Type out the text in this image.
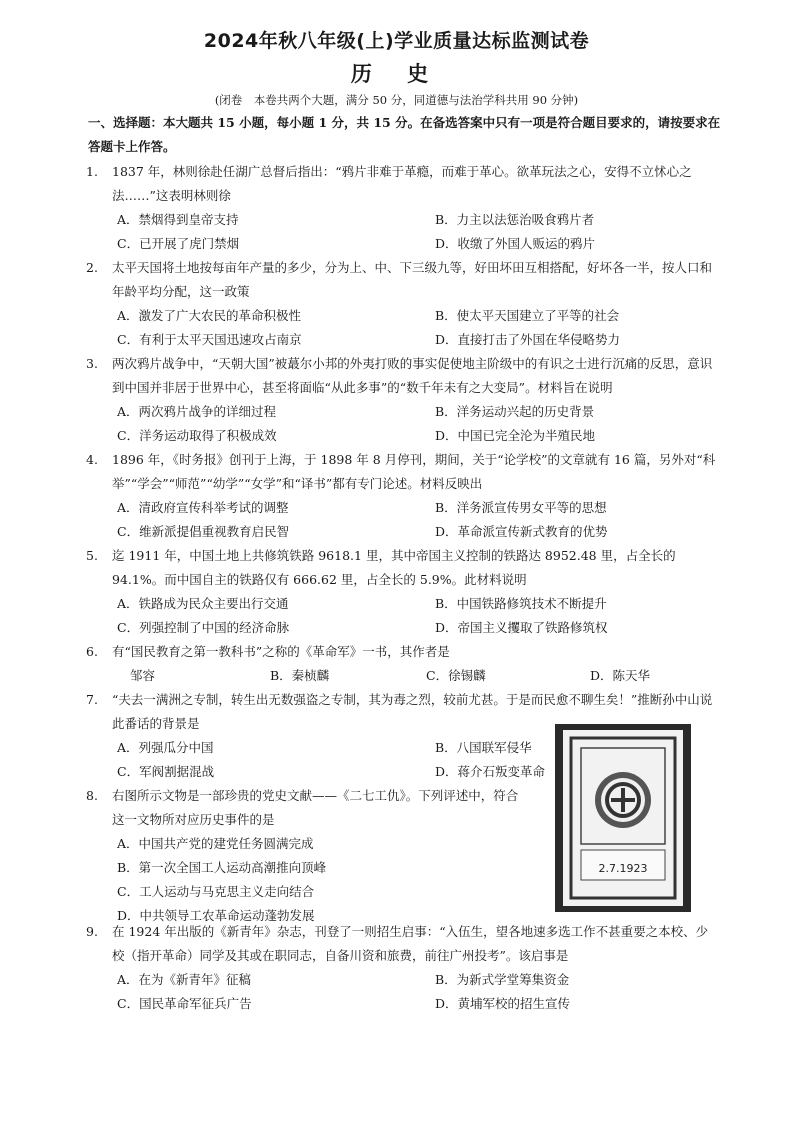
2024年秋八年级(上)学业质量达标监测试卷
历 史
(闭卷　本卷共两个大题，满分 50 分，同道德与法治学科共用 90 分钟)
一、选择题：本大题共 15 小题，每小题 1 分，共 15 分。在备选答案中只有一项是符合题目要求的，请按要求在答题卡上作答。
1.	1837 年，林则徐赴任湖广总督后指出：“鸦片非难于革瘾，而难于革心。欲革玩法之心，安得不立怵心之法……”这表明林则徐
A．禁烟得到皇帝支持	B．力主以法惩治吸食鸦片者
C．已开展了虎门禁烟	D．收缴了外国人贩运的鸦片
2.	太平天国将土地按每亩年产量的多少，分为上、中、下三级九等，好田坏田互相搭配，好坏各一半，按人口和年龄平均分配，这一政策
A．激发了广大农民的革命积极性	B．使太平天国建立了平等的社会
C．有利于太平天国迅速攻占南京	D．直接打击了外国在华侵略势力
3.	两次鸦片战争中，“天朝大国”被蕞尔小邦的外夷打败的事实促使地主阶级中的有识之士进行沉痛的反思，意识到中国并非居于世界中心，甚至将面临“从此多事”的“数千年未有之大变局”。材料旨在说明
A．两次鸦片战争的详细过程	B．洋务运动兴起的历史背景
C．洋务运动取得了积极成效	D．中国已完全沦为半殖民地
4.	1896 年，《时务报》创刊于上海，于 1898 年 8 月停刊，期间，关于“论学校”的文章就有 16 篇，另外对“科举”“学会”“师范”“幼学”“女学”和“译书”都有专门论述。材料反映出
A．清政府宣传科举考试的调整	B．洋务派宣传男女平等的思想
C．维新派提倡重视教育启民智	D．革命派宣传新式教育的优势
5.	迄 1911 年，中国土地上共修筑铁路 9618.1 里，其中帝国主义控制的铁路达 8952.48 里，占全长的 94.1%。而中国自主的铁路仅有 666.62 里，占全长的 5.9%。此材料说明
A．铁路成为民众主要出行交通	B．中国铁路修筑技术不断提升
C．列强控制了中国的经济命脉	D．帝国主义攫取了铁路修筑权
6.	有“国民教育之第一教科书”之称的《革命军》一书，其作者是
邹容	B．秦桢麟	C．徐锡麟	D．陈天华
7.	“夫去一满洲之专制，转生出无数强盗之专制，其为毒之烈，较前尤甚。于是而民愈不聊生矣！”推断孙中山说此番话的背景是
A．列强瓜分中国	B．八国联军侵华
C．军阀割据混战	D．蒋介石叛变革命
8.	右图所示文物是一部珍贵的党史文献——《二七工仇》。下列评述中，符合这一文物所对应历史事件的是
A．中国共产党的建党任务圆满完成
B．第一次全国工人运动高潮推向顶峰
C．工人运动与马克思主义走向结合
D．中共领导工农革命运动蓬勃发展
2.7.1923
9.	在 1924 年出版的《新青年》杂志，刊登了一则招生启事：“入伍生，望各地速多选工作不甚重要之本校、少校（指开革命）同学及其或在职同志，自备川资和旅费，前往广州投考”。该启事是
A．在为《新青年》征稿	B．为新式学堂筹集资金
C．国民革命军征兵广告	D．黄埔军校的招生宣传
